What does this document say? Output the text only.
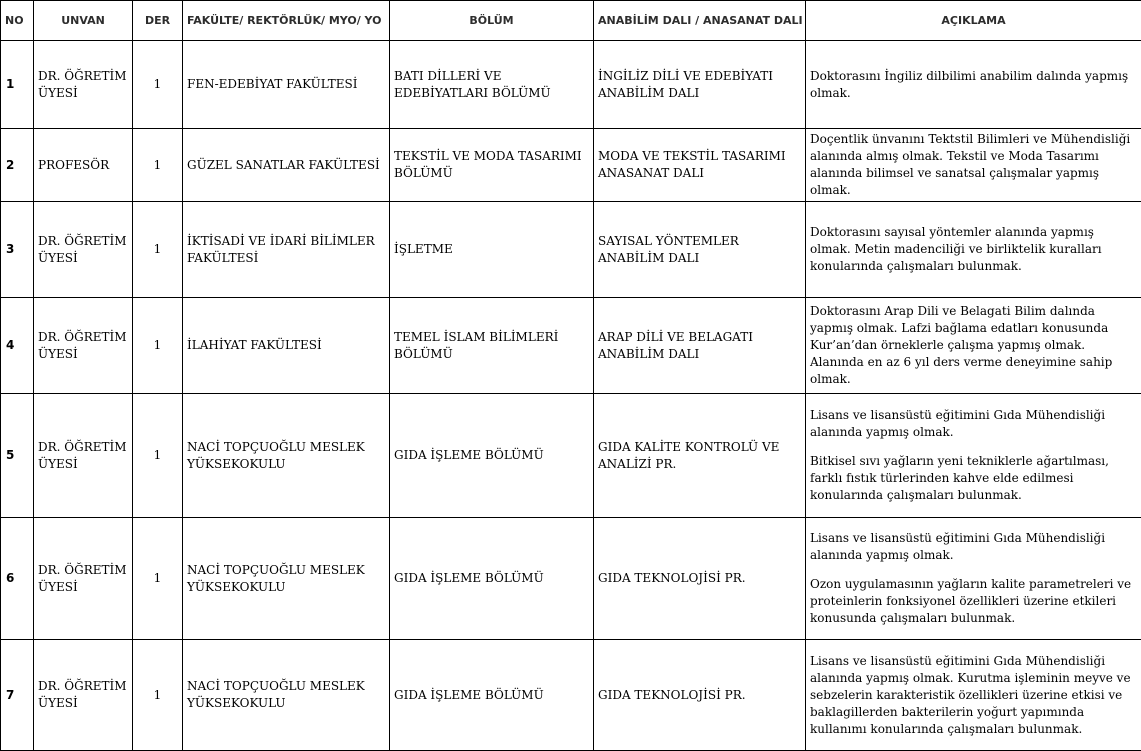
NO	UNVAN	DER	FAKÜLTE/ REKTÖRLÜK/ MYO/ YO	BÖLÜM	ANABİLİM DALI / ANASANAT DALI	AÇIKLAMA
1	DR. ÖĞRETİM ÜYESİ	1	FEN-EDEBİYAT FAKÜLTESİ	BATI DİLLERİ VE EDEBİYATLARI BÖLÜMÜ	İNGİLİZ DİLİ VE EDEBİYATI ANABİLİM DALI	Doktorasını İngiliz dilbilimi anabilim dalında yapmış olmak.

2	PROFESÖR	1	GÜZEL SANATLAR FAKÜLTESİ	TEKSTİL VE MODA TASARIMI BÖLÜMÜ	MODA VE TEKSTİL TASARIMI ANASANAT DALI	Doçentlik ünvanını Tektstil Bilimleri ve Mühendisliği alanında almış olmak. Tekstil ve Moda Tasarımı alanında bilimsel ve sanatsal çalışmalar yapmış olmak.

3	DR. ÖĞRETİM ÜYESİ	1	İKTİSADİ VE İDARİ BİLİMLER FAKÜLTESİ	İŞLETME	SAYISAL YÖNTEMLER ANABİLİM DALI	Doktorasını sayısal yöntemler alanında yapmış olmak. Metin madenciliği ve birliktelik kuralları konularında çalışmaları bulunmak.

4	DR. ÖĞRETİM ÜYESİ	1	İLAHİYAT FAKÜLTESİ	TEMEL İSLAM BİLİMLERİ BÖLÜMÜ	ARAP DİLİ VE BELAGATI ANABİLİM DALI	Doktorasını Arap Dili ve Belagati Bilim dalında yapmış olmak. Lafzi bağlama edatları konusunda Kur’an’dan örneklerle çalışma yapmış olmak.

Alanında en az 6 yıl ders verme deneyimine sahip olmak.

5	DR. ÖĞRETİM ÜYESİ	1	NACİ TOPÇUOĞLU MESLEK YÜKSEKOKULU	GIDA İŞLEME BÖLÜMÜ	GIDA KALİTE KONTROLÜ VE ANALİZİ PR.	Lisans ve lisansüstü eğitimini Gıda Mühendisliği alanında yapmış olmak.

Bitkisel sıvı yağların yeni tekniklerle ağartılması, farklı fıstık türlerinden kahve elde edilmesi konularında çalışmaları bulunmak.

6	DR. ÖĞRETİM ÜYESİ	1	NACİ TOPÇUOĞLU MESLEK YÜKSEKOKULU	GIDA İŞLEME BÖLÜMÜ	GIDA TEKNOLOJİSİ PR.	Lisans ve lisansüstü eğitimini Gıda Mühendisliği alanında yapmış olmak.

Ozon uygulamasının yağların kalite parametreleri ve proteinlerin fonksiyonel özellikleri üzerine etkileri konusunda çalışmaları bulunmak.

7	DR. ÖĞRETİM ÜYESİ	1	NACİ TOPÇUOĞLU MESLEK YÜKSEKOKULU	GIDA İŞLEME BÖLÜMÜ	GIDA TEKNOLOJİSİ PR.	Lisans ve lisansüstü eğitimini Gıda Mühendisliği alanında yapmış olmak. Kurutma işleminin meyve ve sebzelerin karakteristik özellikleri üzerine etkisi ve baklagillerden bakterilerin yoğurt yapımında kullanımı konularında çalışmaları bulunmak.
